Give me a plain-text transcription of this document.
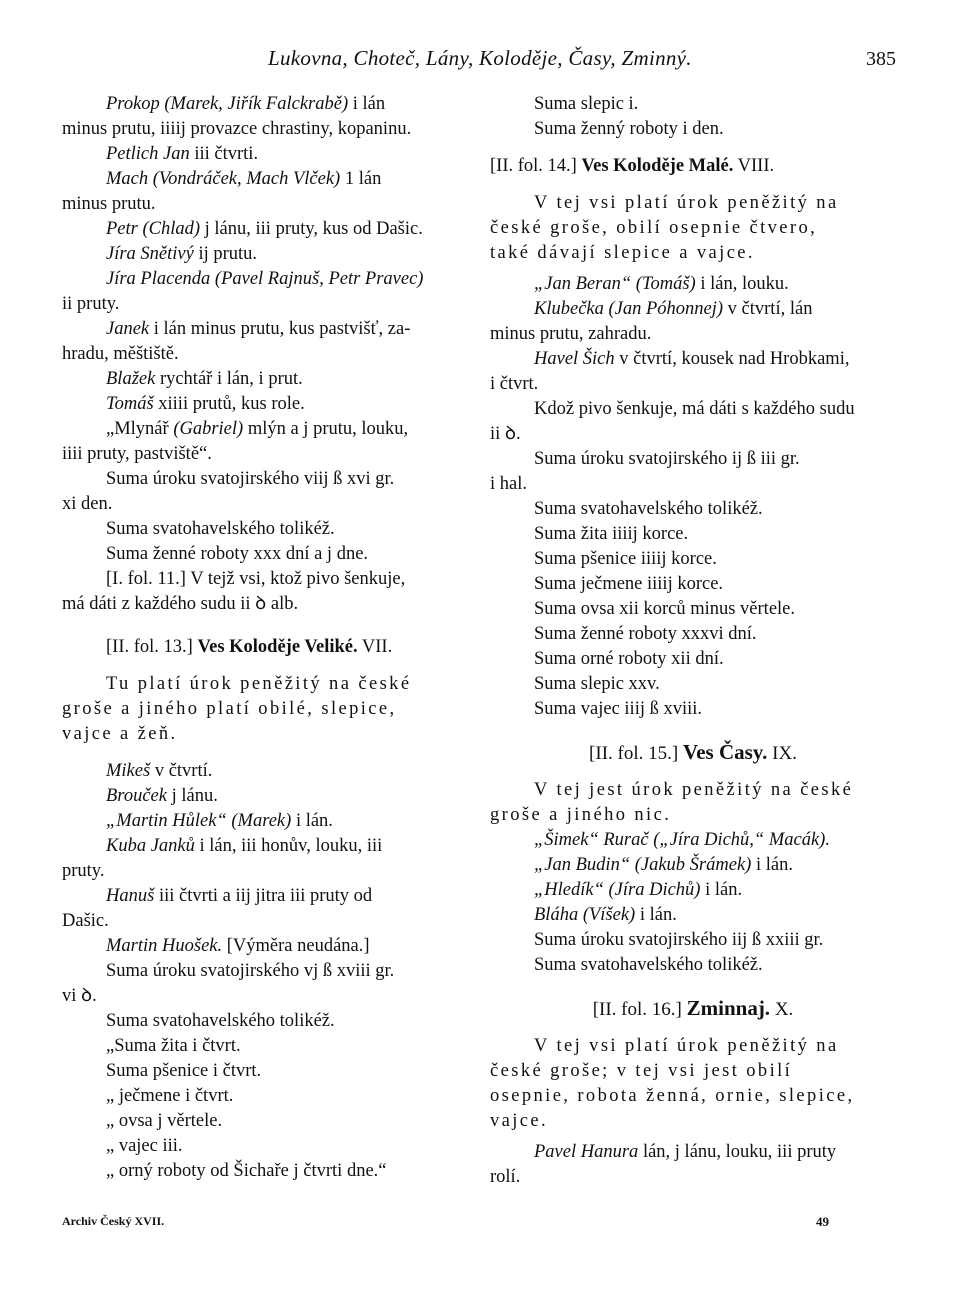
Lukovna, Choteč, Lány, Koloděje, Časy, Zminný.	385

Prokop (Marek, Jiřík Falckrabě) i lán

minus prutu, iiiij provazce chrastiny, kopaninu.

Petlich Jan iii čtvrti.

Mach (Vondráček, Mach Vlček) 1 lán

minus prutu.

Petr (Chlad) j lánu, iii pruty, kus od Dašic.

Jíra Snětivý ij prutu.

Jíra Placenda (Pavel Rajnuš, Petr Pravec)

ii pruty.

Janek i lán minus prutu, kus pastvišť, za-

hradu, měštiště.

Blažek rychtář i lán, i prut.

Tomáš xiiii prutů, kus role.

„Mlynář (Gabriel) mlýn a j prutu, louku,

iiii pruty, pastviště“.

Suma úroku svatojirského viij ß xvi gr.

xi den.

Suma svatohavelského tolikéž.

Suma ženné roboty xxx dní a j dne.

[I. fol. 11.] V tejž vsi, ktož pivo šenkuje,

má dáti z každého sudu ii ꝺ alb.

[II. fol. 13.] Ves Koloděje Veliké. VII.

Tu platí úrok peněžitý na české

groše a jiného platí obilé, slepice,

vajce a žeň.

Mikeš v čtvrtí.

Brouček j lánu.

„Martin Hůlek“ (Marek) i lán.

Kuba Janků i lán, iii honův, louku, iii

pruty.

Hanuš iii čtvrti a iij jitra iii pruty od

Dašic.

Martin Huošek. [Výměra neudána.]

Suma úroku svatojirského vj ß xviii gr.

vi ꝺ.

Suma svatohavelského tolikéž.

„Suma žita i čtvrt.

Suma pšenice i čtvrt.

„ ječmene i čtvrt.

„ ovsa j věrtele.

„ vajec iii.

„ orný roboty od Šichaře j čtvrti dne.“

Suma slepic i.

Suma ženný roboty i den.

[II. fol. 14.] Ves Koloděje Malé. VIII.

V tej vsi platí úrok peněžitý na

české groše, obilí osepnie čtvero,

také dávají slepice a vajce.

„Jan Beran“ (Tomáš) i lán, louku.

Klubečka (Jan Póhonnej) v čtvrtí, lán

minus prutu, zahradu.

Havel Šich v čtvrtí, kousek nad Hrobkami,

i čtvrt.

Kdož pivo šenkuje, má dáti s každého sudu

ii ꝺ.

Suma úroku svatojirského ij ß iii gr.

i hal.

Suma svatohavelského tolikéž.

Suma žita iiiij korce.

Suma pšenice iiiij korce.

Suma ječmene iiiij korce.

Suma ovsa xii korců minus věrtele.

Suma ženné roboty xxxvi dní.

Suma orné roboty xii dní.

Suma slepic xxv.

Suma vajec iiij ß xviii.

[II. fol. 15.] Ves Časy. IX.

V tej jest úrok peněžitý na české

groše a jiného nic.

„Šimek“ Rurač („Jíra Dichů,“ Macák).

„Jan Budin“ (Jakub Šrámek) i lán.

„Hledík“ (Jíra Dichů) i lán.

Bláha (Víšek) i lán.

Suma úroku svatojirského iij ß xxiii gr.

Suma svatohavelského tolikéž.

[II. fol. 16.] Zminnaj. X.

V tej vsi platí úrok peněžitý na

české groše; v tej vsi jest obilí

osepnie, robota ženná, ornie, slepice,

vajce.

Pavel Hanura lán, j lánu, louku, iii pruty

rolí.

Archiv Český XVII.	49
